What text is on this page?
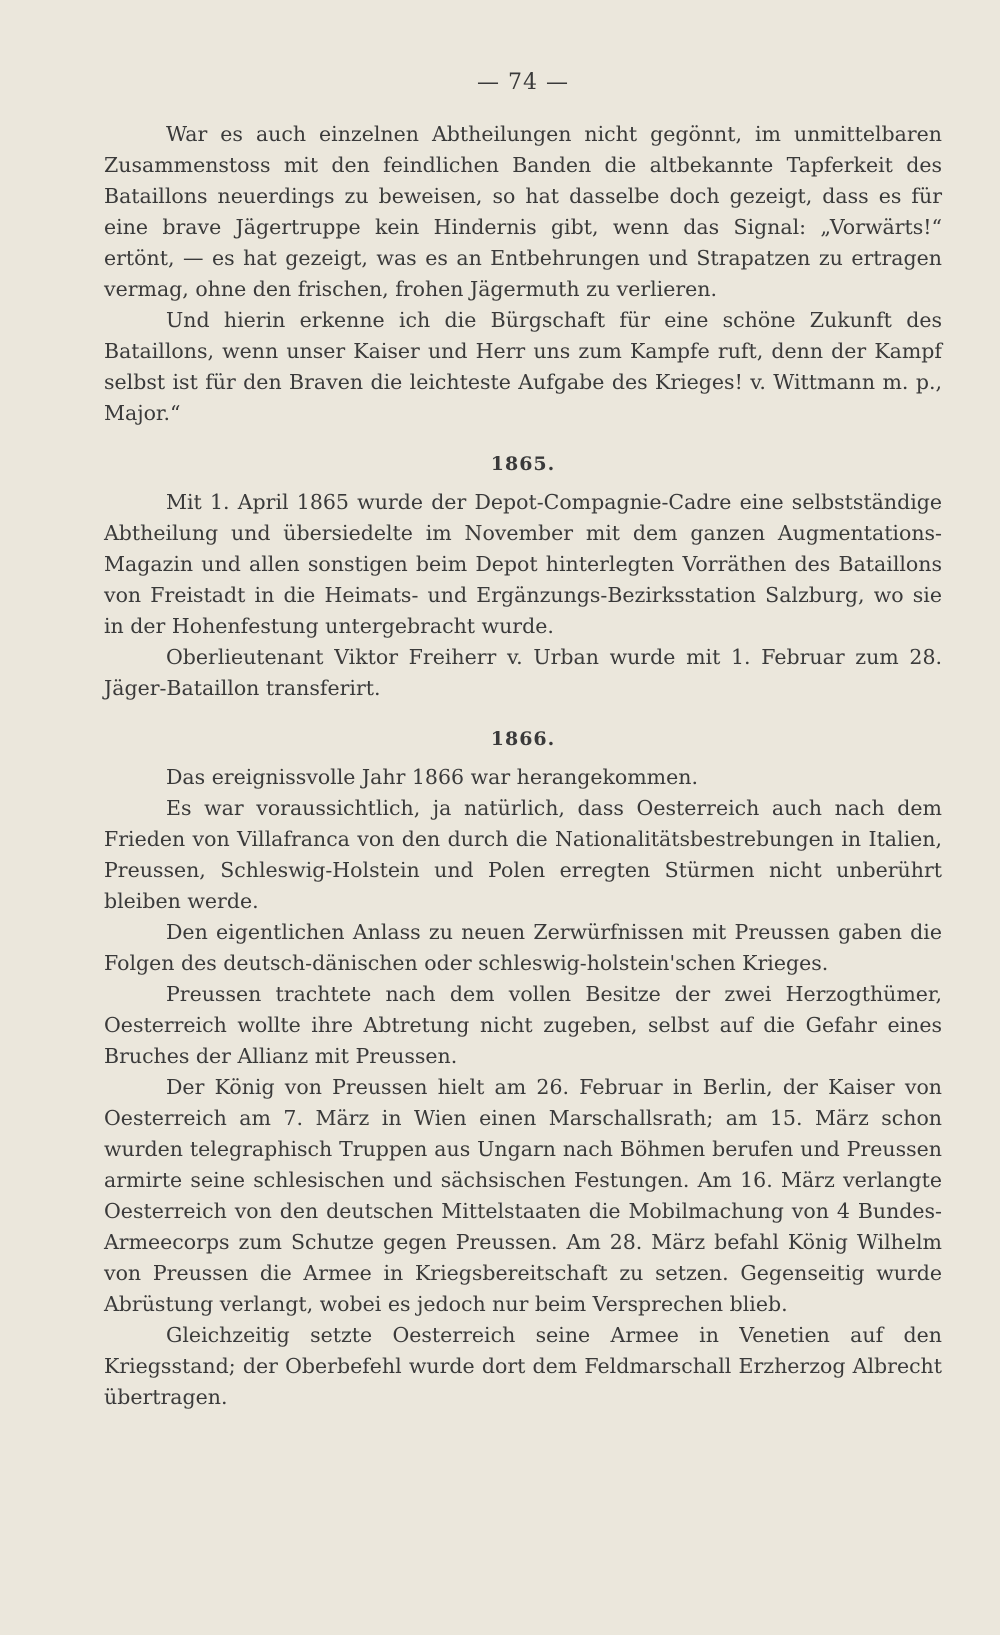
— 74 —

War es auch einzelnen Abtheilungen nicht gegönnt, im unmittelbaren Zusammenstoss mit den feindlichen Banden die altbekannte Tapferkeit des Bataillons neuerdings zu beweisen, so hat dasselbe doch gezeigt, dass es für eine brave Jägertruppe kein Hindernis gibt, wenn das Signal: „Vorwärts!“ ertönt, — es hat gezeigt, was es an Entbehrungen und Strapatzen zu ertragen vermag, ohne den frischen, frohen Jägermuth zu verlieren.

Und hierin erkenne ich die Bürgschaft für eine schöne Zukunft des Bataillons, wenn unser Kaiser und Herr uns zum Kampfe ruft, denn der Kampf selbst ist für den Braven die leichteste Aufgabe des Krieges! v. Wittmann m. p., Major.“

1865.

Mit 1. April 1865 wurde der Depot-Compagnie-Cadre eine selbstständige Abtheilung und übersiedelte im November mit dem ganzen Augmentations-Magazin und allen sonstigen beim Depot hinterlegten Vorräthen des Bataillons von Freistadt in die Heimats- und Ergänzungs-Bezirksstation Salzburg, wo sie in der Hohenfestung untergebracht wurde.

Oberlieutenant Viktor Freiherr v. Urban wurde mit 1. Februar zum 28. Jäger-Bataillon transferirt.

1866.

Das ereignissvolle Jahr 1866 war herangekommen.

Es war voraussichtlich, ja natürlich, dass Oesterreich auch nach dem Frieden von Villafranca von den durch die Nationalitätsbestrebungen in Italien, Preussen, Schleswig-Holstein und Polen erregten Stürmen nicht unberührt bleiben werde.

Den eigentlichen Anlass zu neuen Zerwürfnissen mit Preussen gaben die Folgen des deutsch-dänischen oder schleswig-holstein'schen Krieges.

Preussen trachtete nach dem vollen Besitze der zwei Herzogthümer, Oesterreich wollte ihre Abtretung nicht zugeben, selbst auf die Gefahr eines Bruches der Allianz mit Preussen.

Der König von Preussen hielt am 26. Februar in Berlin, der Kaiser von Oesterreich am 7. März in Wien einen Marschallsrath; am 15. März schon wurden telegraphisch Truppen aus Ungarn nach Böhmen berufen und Preussen armirte seine schlesischen und sächsischen Festungen. Am 16. März verlangte Oesterreich von den deutschen Mittelstaaten die Mobilmachung von 4 Bundes-Armeecorps zum Schutze gegen Preussen. Am 28. März befahl König Wilhelm von Preussen die Armee in Kriegsbereitschaft zu setzen. Gegenseitig wurde Abrüstung verlangt, wobei es jedoch nur beim Versprechen blieb.

Gleichzeitig setzte Oesterreich seine Armee in Venetien auf den Kriegsstand; der Oberbefehl wurde dort dem Feldmarschall Erzherzog Albrecht übertragen.
